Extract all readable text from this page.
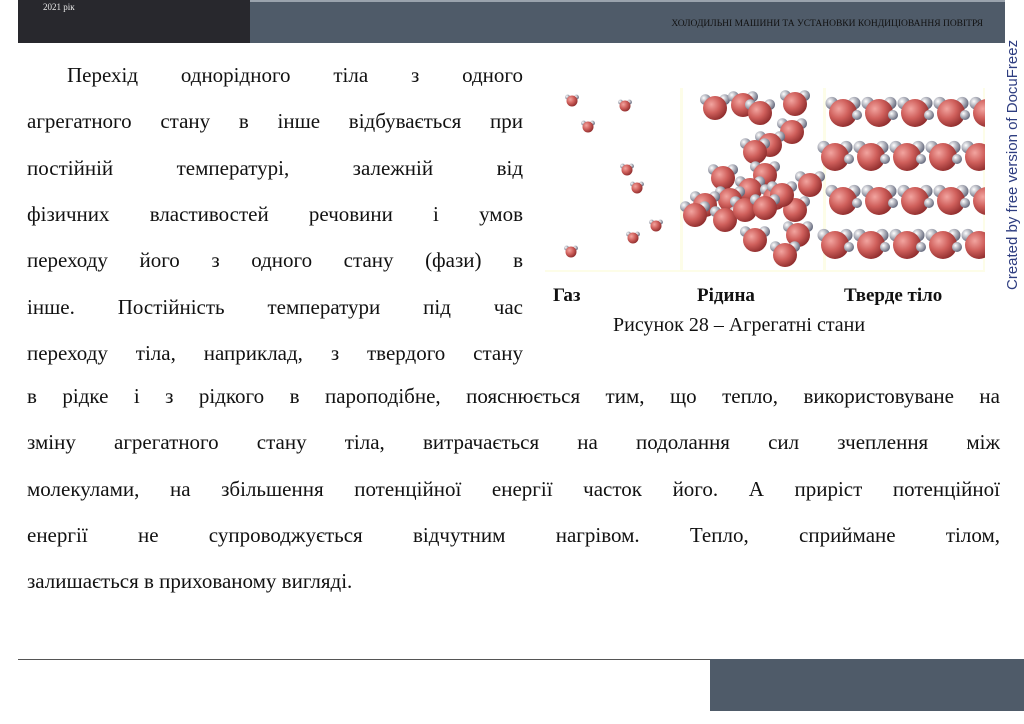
2021 рік
ХОЛОДИЛЬНІ МАШИНИ ТА УСТАНОВКИ КОНДИЦІОВАННЯ ПОВІТРЯ
Created by free version of DocuFreez
Перехід однорідного тіла з одного
агрегатного стану в інше відбувається при
постійній температурі, залежній від
фізичних властивостей речовини і умов
переходу його з одного стану (фази) в
інше. Постійність температури під час
переходу тіла, наприклад, з твердого стану
в рідке і з рідкого в пароподібне, пояснюється тим, що тепло, використовуване на
зміну агрегатного стану тіла, витрачається на подолання сил зчеплення між
молекулами, на збільшення потенційної енергії часток його. А приріст потенційної
енергії не супроводжується відчутним нагрівом. Тепло, сприймане тілом,
залишається в прихованому вигляді.
Газ	Рідина	Тверде тіло
Рисунок 28 – Агрегатні стани
